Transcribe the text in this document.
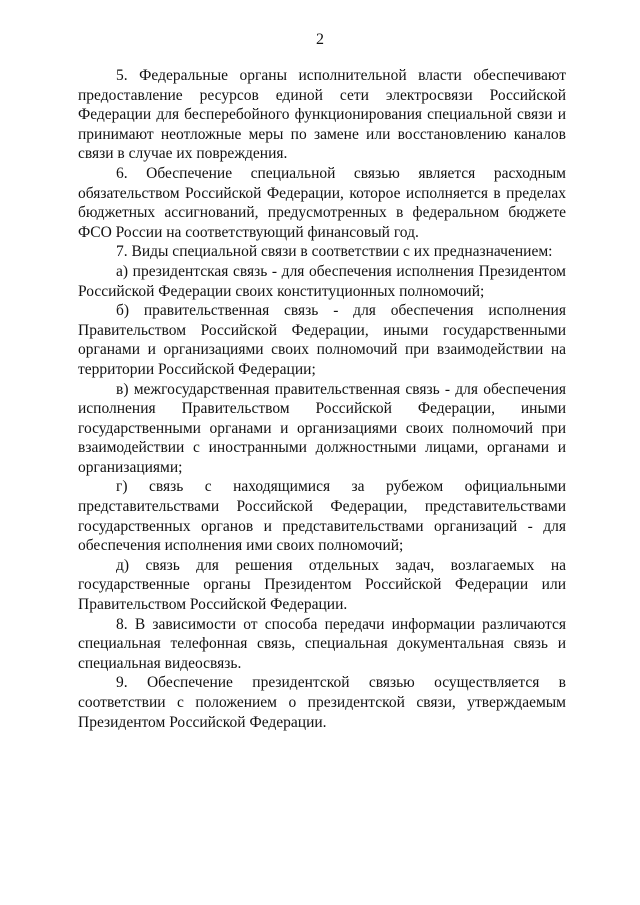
2

5. Федеральные органы исполнительной власти обеспечивают предоставление ресурсов единой сети электросвязи Российской Федерации для бесперебойного функционирования специальной связи и принимают неотложные меры по замене или восстановлению каналов связи в случае их повреждения.

6. Обеспечение специальной связью является расходным обязательством Российской Федерации, которое исполняется в пределах бюджетных ассигнований, предусмотренных в федеральном бюджете ФСО России на соответствующий финансовый год.

7. Виды специальной связи в соответствии с их предназначением:

а) президентская связь - для обеспечения исполнения Президентом Российской Федерации своих конституционных полномочий;

б) правительственная связь - для обеспечения исполнения Правительством Российской Федерации, иными государственными органами и организациями своих полномочий при взаимодействии на территории Российской Федерации;

в) межгосударственная правительственная связь - для обеспечения исполнения Правительством Российской Федерации, иными государственными органами и организациями своих полномочий при взаимодействии с иностранными должностными лицами, органами и организациями;

г) связь с находящимися за рубежом официальными представительствами Российской Федерации, представительствами государственных органов и представительствами организаций - для обеспечения исполнения ими своих полномочий;

д) связь для решения отдельных задач, возлагаемых на государственные органы Президентом Российской Федерации или Правительством Российской Федерации.

8. В зависимости от способа передачи информации различаются специальная телефонная связь, специальная документальная связь и специальная видеосвязь.

9. Обеспечение президентской связью осуществляется в соответствии с положением о президентской связи, утверждаемым Президентом Российской Федерации.
